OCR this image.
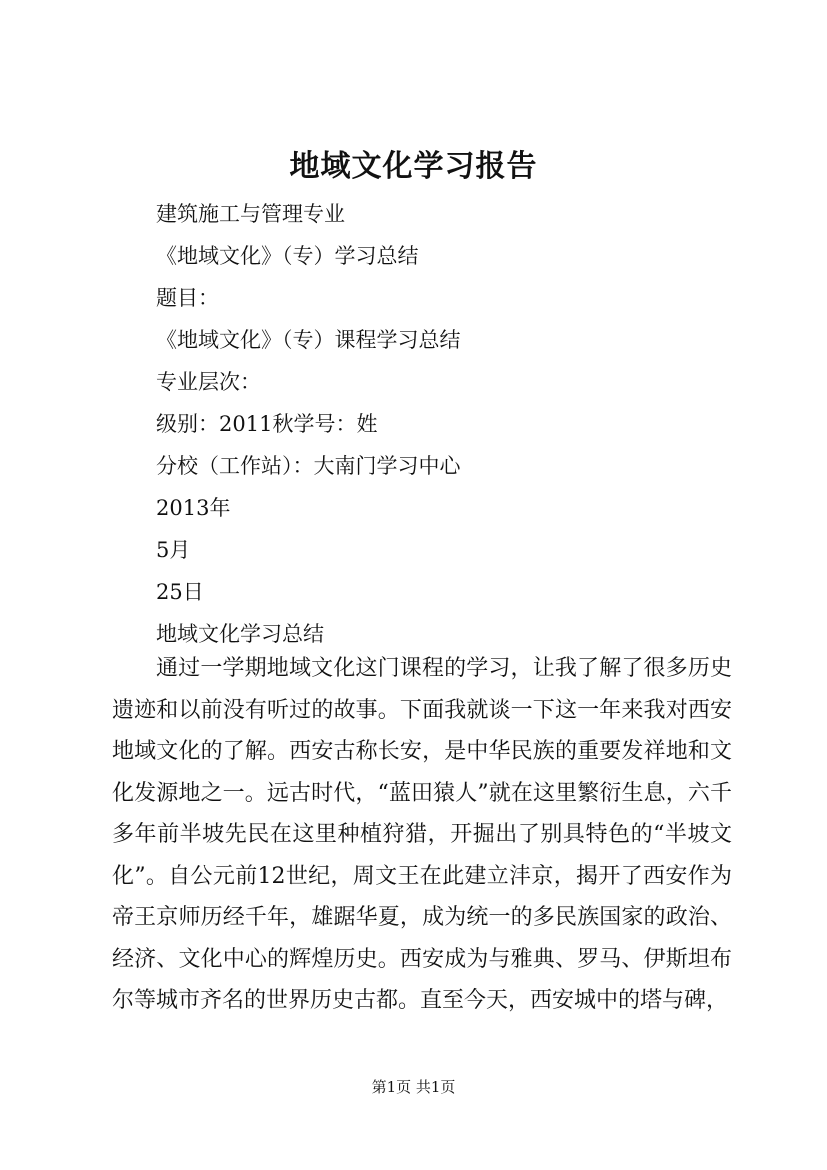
地域文化学习报告
建筑施工与管理专业
《地域文化》（专）学习总结
题目：
《地域文化》（专）课程学习总结
专业层次：
级别：2011秋学号：姓
分校（工作站）：大南门学习中心
2013年
5月
25日
地域文化学习总结

通过一学期地域文化这门课程的学习，让我了解了很多历史遗迹和以前没有听过的故事。下面我就谈一下这一年来我对西安地域文化的了解。西安古称长安，是中华民族的重要发祥地和文化发源地之一。远古时代，“蓝田猿人”就在这里繁衍生息，六千多年前半坡先民在这里种植狩猎，开掘出了别具特色的“半坡文化”。自公元前12世纪，周文王在此建立沣京，揭开了西安作为帝王京师历经千年，雄踞华夏，成为统一的多民族国家的政治、经济、文化中心的辉煌历史。西安成为与雅典、罗马、伊斯坦布尔等城市齐名的世界历史古都。直至今天，西安城中的塔与碑，

第1页 共1页
